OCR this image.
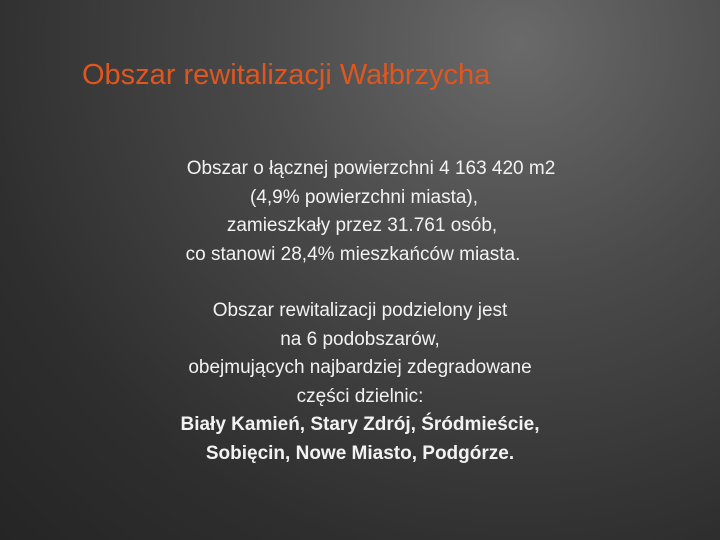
Obszar rewitalizacji Wałbrzycha

Obszar o łącznej powierzchni 4 163 420 m2
(4,9% powierzchni miasta),
zamieszkały przez 31.761 osób,
co stanowi 28,4% mieszkańców miasta.

Obszar rewitalizacji podzielony jest
na 6 podobszarów,
obejmujących najbardziej zdegradowane
części dzielnic:
Biały Kamień, Stary Zdrój, Śródmieście,
Sobięcin, Nowe Miasto, Podgórze.
